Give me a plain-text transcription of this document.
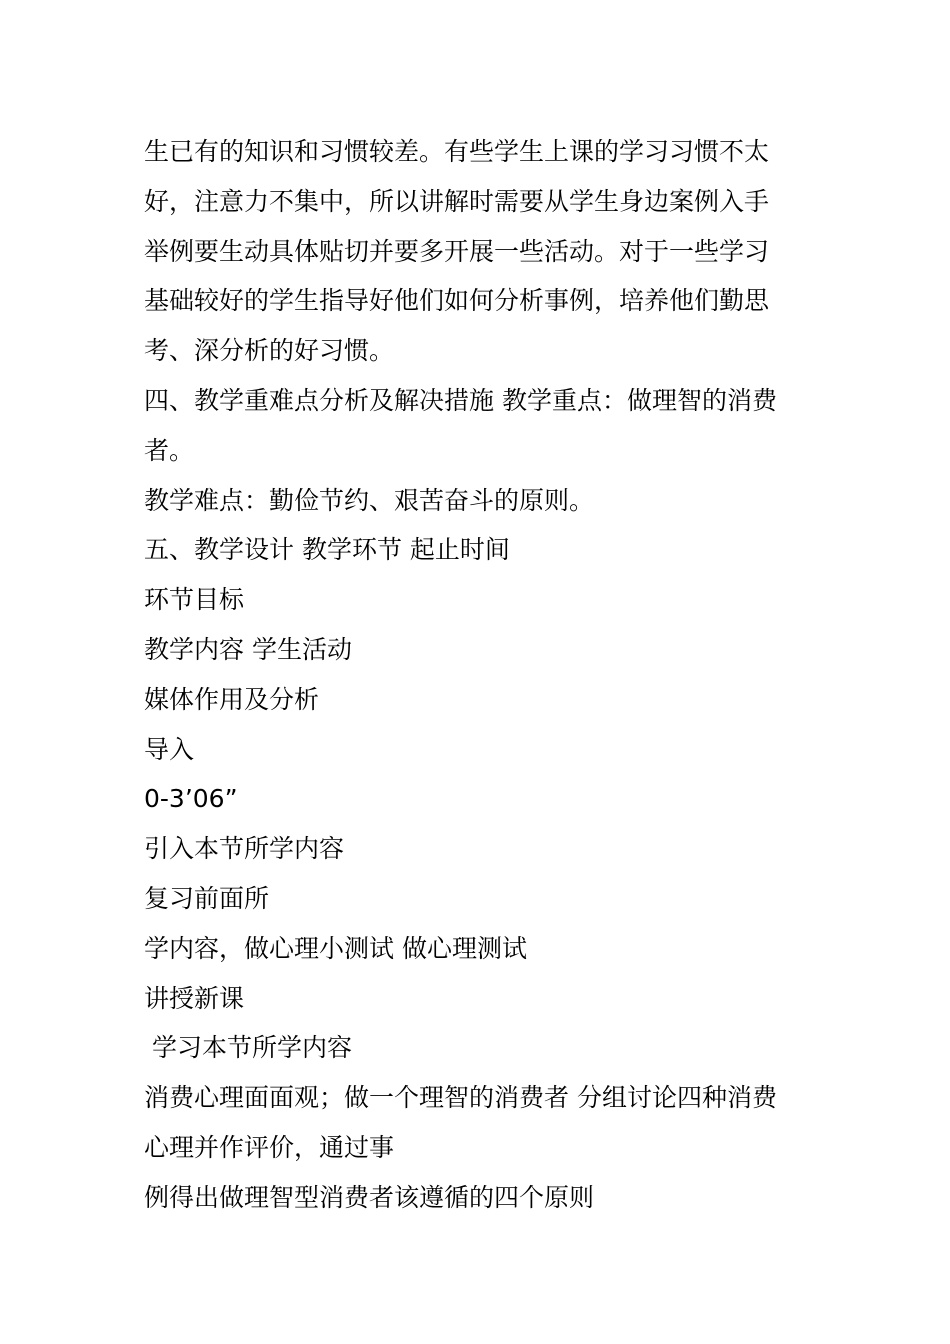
生已有的知识和习惯较差。有些学生上课的学习习惯不太
好，注意力不集中，所以讲解时需要从学生身边案例入手
举例要生动具体贴切并要多开展一些活动。对于一些学习
基础较好的学生指导好他们如何分析事例，培养他们勤思
考、深分析的好习惯。
四、教学重难点分析及解决措施 教学重点：做理智的消费
者。
教学难点：勤俭节约、艰苦奋斗的原则。
五、教学设计 教学环节 起止时间
环节目标
教学内容 学生活动
媒体作用及分析
导入
0-3’06”
引入本节所学内容
复习前面所
学内容，做心理小测试 做心理测试
讲授新课
学习本节所学内容
消费心理面面观；做一个理智的消费者 分组讨论四种消费
心理并作评价，通过事
例得出做理智型消费者该遵循的四个原则
